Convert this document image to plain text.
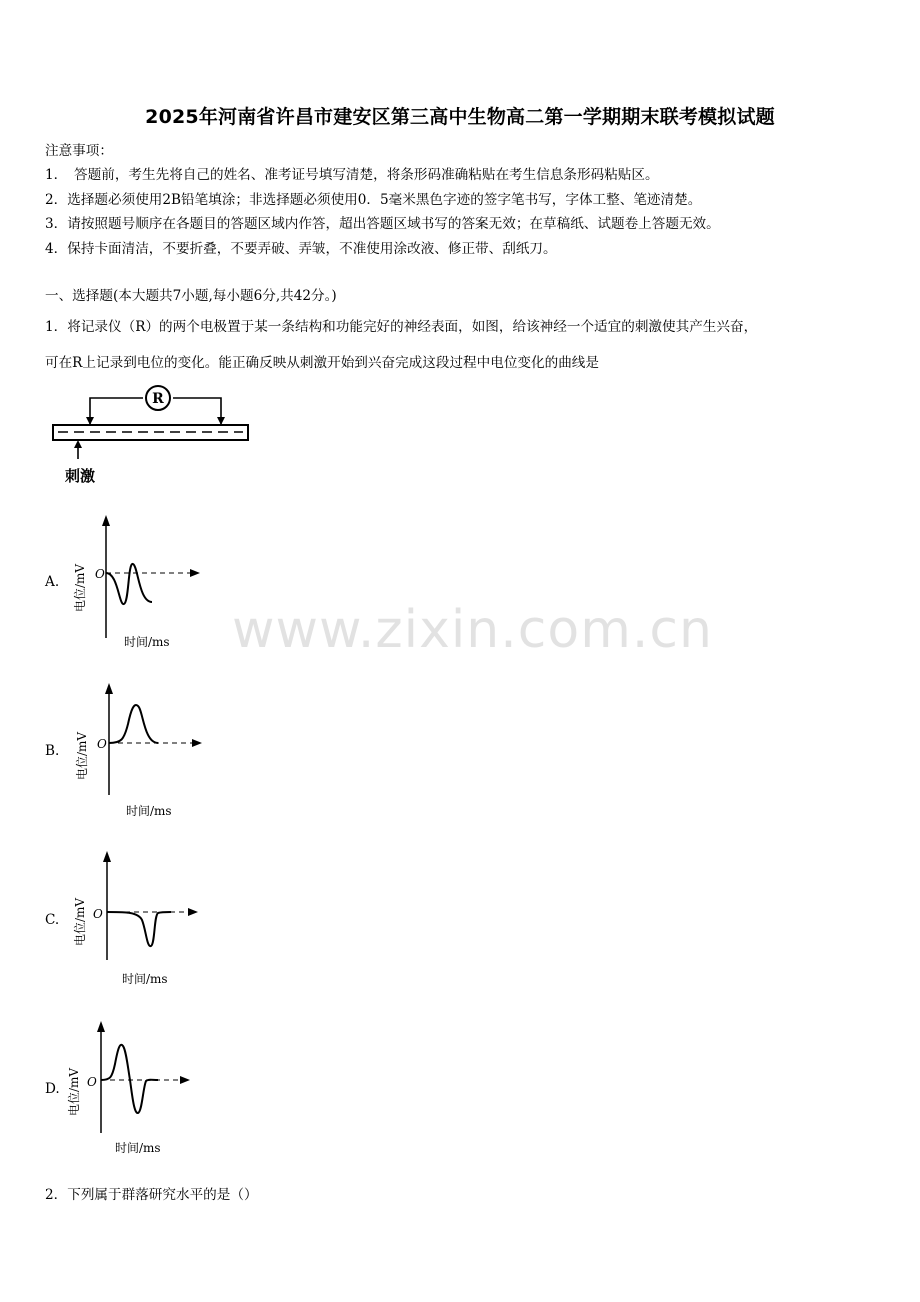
2025年河南省许昌市建安区第三高中生物高二第一学期期末联考模拟试题
注意事项：
1．　答题前，考生先将自己的姓名、准考证号填写清楚，将条形码准确粘贴在考生信息条形码粘贴区。
2．选择题必须使用2B铅笔填涂；非选择题必须使用0．5毫米黑色字迹的签字笔书写，字体工整、笔迹清楚。
3．请按照题号顺序在各题目的答题区域内作答，超出答题区域书写的答案无效；在草稿纸、试题卷上答题无效。
4．保持卡面清洁，不要折叠，不要弄破、弄皱，不准使用涂改液、修正带、刮纸刀。
一、选择题(本大题共7小题,每小题6分,共42分。)
1．将记录仪（R）的两个电极置于某一条结构和功能完好的神经表面，如图，给该神经一个适宜的刺激使其产生兴奋，
可在R上记录到电位的变化。能正确反映从刺激开始到兴奋完成这段过程中电位变化的曲线是
R
刺激
A.	O
电位/mV
时间/ms
B.	O
电位/mV
时间/ms
C.	O
电位/mV
时间/ms
D. O
电位/mV
时间/ms
www.zixin.com.cn
2．下列属于群落研究水平的是（）
